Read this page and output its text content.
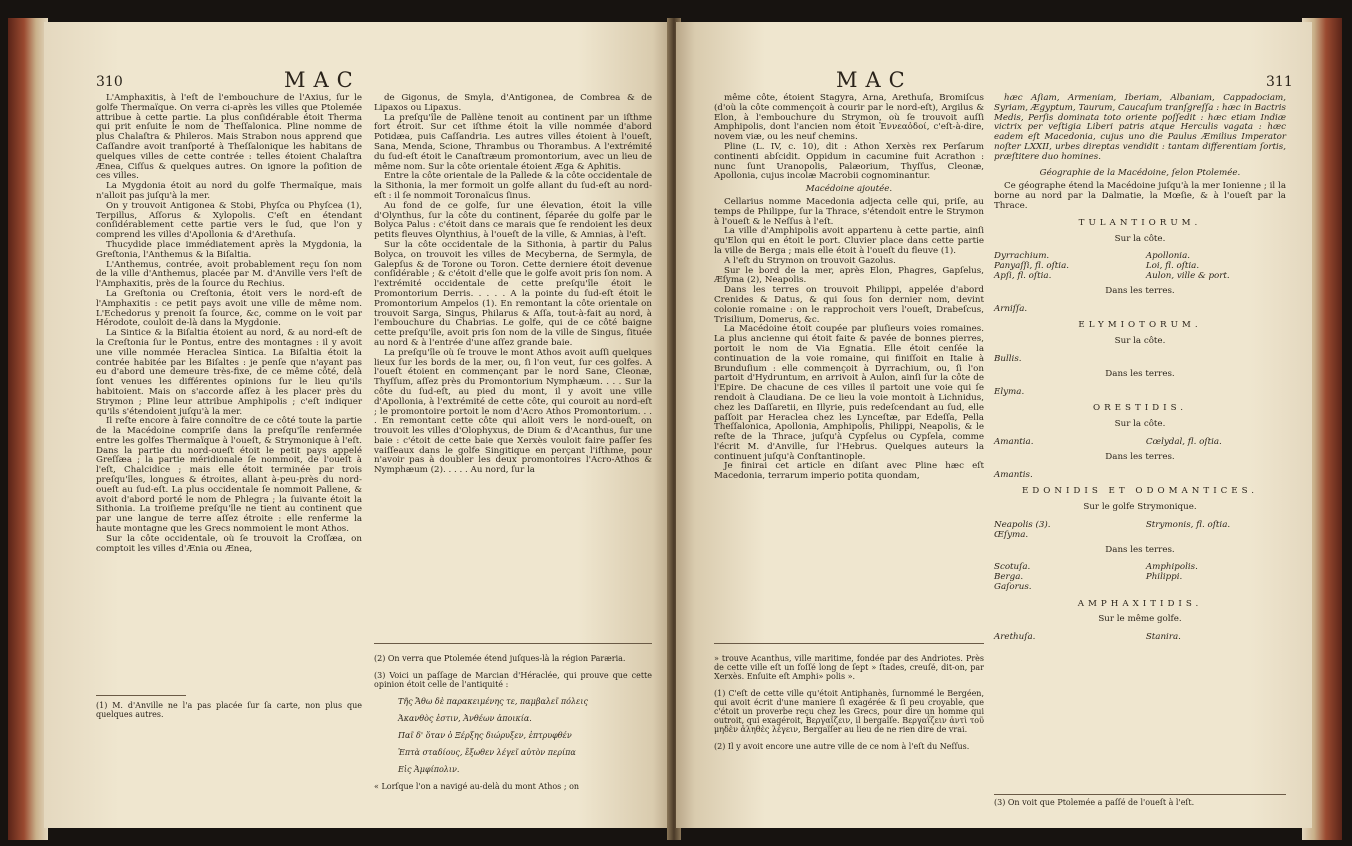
310	MAC

L'Amphaxitis, à l'eſt de l'embouchure de l'Axius, ſur le golfe Thermaïque. On verra ci-après les villes que Ptolemée attribue à cette partie. La plus conſidérable étoit Therma qui prit enſuite le nom de Theſſalonica. Pline nomme de plus Chalaſtra & Phileros. Mais Strabon nous apprend que Caſſandre avoit tranſporté à Theſſalonique les habitans de quelques villes de cette contrée : telles étoient Chalaſtra Ænea, Ciſſus & quelques autres. On ignore la poſition de ces villes.

La Mygdonia étoit au nord du golfe Thermaïque, mais n'alloit pas juſqu'à la mer.

On y trouvoit Antigonea & Stobi, Phyſca ou Phyſcea (1), Terpillus, Aſſorus & Xylopolis. C'eſt en étendant conſidérablement cette partie vers le ſud, que l'on y comprend les villes d'Apollonia & d'Arethuſa.

Thucydide place immédiatement après la Mygdonia, la Greſtonia, l'Anthemus & la Biſaltia.

L'Anthemus, contrée, avoit probablement reçu ſon nom de la ville d'Anthemus, placée par M. d'Anville vers l'eſt de l'Amphaxitis, près de la ſource du Rechius.

La Greſtonia ou Creſtonia, étoit vers le nord-eſt de l'Amphaxitis : ce petit pays avoit une ville de même nom. L'Echedorus y prenoit ſa ſource, &c, comme on le voit par Hérodote, couloit de-là dans la Mygdonie.

La Sintice & la Biſaltia étoient au nord, & au nord-eſt de la Creſtonia ſur le Pontus, entre des montagnes : il y avoit une ville nommée Heraclea Sintica. La Biſaltia étoit la contrée habitée par les Biſaltes : je penſe que n'ayant pas eu d'abord une demeure très-fixe, de ce même côté, delà ſont venues les différentes opinions ſur le lieu qu'ils habitoient. Mais on s'accorde aſſez à les placer près du Strymon ; Pline leur attribue Amphipolis ; c'eſt indiquer qu'ils s'étendoient juſqu'à la mer.

Il reſte encore à faire connoître de ce côté toute la partie de la Macédoine compriſe dans la preſqu'île renfermée entre les golfes Thermaïque à l'oueſt, & Strymonique à l'eſt. Dans la partie du nord-oueſt étoit le petit pays appelé Greſſæa ; la partie méridionale ſe nommoit, de l'oueſt à l'eſt, Chalcidice ; mais elle étoit terminée par trois preſqu'îles, longues & étroites, allant à-peu-près du nord-oueſt au ſud-eſt. La plus occidentale ſe nommoit Pallene, & avoit d'abord porté le nom de Phlegra ; la ſuivante étoit la Sithonia. La troiſieme preſqu'île ne tient au continent que par une langue de terre aſſez étroite : elle renferme la haute montagne que les Grecs nommoient le mont Athos.

Sur la côte occidentale, où ſe trouvoit la Croſſæa, on comptoit les villes d'Ænia ou Ænea,

(1) M. d'Anville ne l'a pas placée ſur ſa carte, non plus que quelques autres.

de Gigonus, de Smyla, d'Antigonea, de Combrea & de Lipaxos ou Lipaxus.

La preſqu'île de Pallène tenoit au continent par un iſthme fort étroit. Sur cet iſthme étoit la ville nommée d'abord Potidæa, puis Caſſandria. Les autres villes étoient à l'oueſt, Sana, Menda, Scione, Thrambus ou Thorambus. A l'extrémité du ſud-eſt étoit le Canaſtræum promontorium, avec un lieu de même nom. Sur la côte orientale étoient Æga & Aphitis.

Entre la côte orientale de la Pallede & la côte occidentale de la Sithonia, la mer formoit un golfe allant du ſud-eſt au nord-eſt : il ſe nommoit Toronaïcus ſinus.

Au fond de ce golfe, ſur une élevation, étoit la ville d'Olynthus, ſur la côte du continent, ſéparée du golfe par le Bolyca Palus : c'étoit dans ce marais que ſe rendoient les deux petits fleuves Olynthius, à l'oueſt de la ville, & Amnias, à l'eſt.

Sur la côte occidentale de la Sithonia, à partir du Palus Bolyca, on trouvoit les villes de Mecyberna, de Sermyla, de Galepſus & de Torone ou Toron. Cette derniere étoit devenue conſidérable ; & c'étoit d'elle que le golfe avoit pris ſon nom. A l'extrémité occidentale de cette preſqu'île étoit le Promontorium Derris. . . . . A la pointe du ſud-eſt étoit le Promontorium Ampelos (1). En remontant la côte orientale on trouvoit Sarga, Singus, Philarus & Aſſa, tout-à-fait au nord, à l'embouchure du Chabrias. Le golfe, qui de ce côté baigne cette preſqu'île, avoit pris ſon nom de la ville de Singus, ſituée au nord & à l'entrée d'une aſſez grande baie.

La preſqu'île où ſe trouve le mont Athos avoit auſſi quelques lieux ſur les bords de la mer, ou, ſi l'on veut, ſur ces golfes. A l'oueſt étoient en commençant par le nord Sane, Cleonæ, Thyſſum, aſſez près du Promontorium Nymphæum. . . . Sur la côte du ſud-eſt, au pied du mont, il y avoit une ville d'Apollonia, à l'extrémité de cette côte, qui couroit au nord-eſt ; le promontoire portoit le nom d'Acro Athos Promontorium. . . . En remontant cette côte qui alloit vers le nord-oueſt, on trouvoit les villes d'Olophyxus, de Dium & d'Acanthus, ſur une baie : c'étoit de cette baie que Xerxès vouloit faire paſſer ſes vaiſſeaux dans le golfe Singitique en perçant l'iſthme, pour n'avoir pas à doubler les deux promontoires l'Acro-Athos & Nymphæum (2). . . . . Au nord, ſur la

(2) On verra que Ptolemée étend juſques-là la région Paræria.

(3) Voici un paſſage de Marcian d'Héraclée, qui prouve que cette opinion étoit celle de l'antiquité :

Τῆς Ἄθω δὲ παρακειμένης τε, παμβαλεῖ πόλεις

Ἀκανθὸς ἐστιν, Ἀνθέων ἀποικία.

Παῖ δ' ὅταν ὁ Ξέρξης διώρυξεν, ἐπτρυφθέν

Ἐπτὰ σταδίους, ἔξωθεν λέγεῖ αὐτὸν περίπα

Εἰς Ἀμφίπολιν.

« Lorſque l'on a navigé au-delà du mont Athos ; on

MAC	311

même côte, étoient Stagyra, Arna, Arethuſa, Bromiſcus (d'où la côte commençoit à courir par le nord-eſt), Argilus & Elon, à l'embouchure du Strymon, où ſe trouvoit auſſi Amphipolis, dont l'ancien nom étoit Ἐννεαὁδοί, c'eſt-à-dire, novem viæ, ou les neuf chemins.

Pline (L. IV, c. 10), dit : Athon Xerxès rex Perſarum continenti abſcidit. Oppidum in cacumine fuit Acrathon : nunc ſunt Uranopolis, Palæorium, Thyſſus, Cleonæ, Apollonia, cujus incolæ Macrobii cognominantur.

Macédoine ajoutée.

Cellarius nomme Macedonia adjecta celle qui, priſe, au temps de Philippe, ſur la Thrace, s'étendoit entre le Strymon à l'oueſt & le Neſſus à l'eſt.

La ville d'Amphipolis avoit appartenu à cette partie, ainſi qu'Elon qui en étoit le port. Cluvier place dans cette partie la ville de Berga ; mais elle étoit à l'oueſt du fleuve (1).

A l'eſt du Strymon on trouvoit Gazolus.

Sur le bord de la mer, après Elon, Phagres, Gapſelus, Æſyma (2), Neapolis.

Dans les terres on trouvoit Philippi, appelée d'abord Crenides & Datus, & qui ſous ſon dernier nom, devint colonie romaine : on le rapprochoit vers l'oueſt, Drabeſcus, Trisilium, Domerus, &c.

La Macédoine étoit coupée par pluſieurs voies romaines. La plus ancienne qui étoit faite & pavée de bonnes pierres, portoit le nom de Via Egnatia. Elle étoit cenſée la continuation de la voie romaine, qui finiſſoit en Italie à Brunduſium : elle commençoit à Dyrrachium, ou, ſi l'on partoit d'Hydruntum, en arrivoit à Aulon, ainſi ſur la côte de l'Epire. De chacune de ces villes il partoit une voie qui ſe rendoit à Claudiana. De ce lieu la voie montoit à Lichnidus, chez les Daſſaretii, en Illyrie, puis redeſcendant au ſud, elle paſſoit par Heraclea chez les Lynceſtæ, par Edeſſa, Pella Theſſalonica, Apollonia, Amphipolis, Philippi, Neapolis, & le reſte de la Thrace, juſqu'à Cypſelus ou Cypſela, comme l'écrit M. d'Anville, ſur l'Hebrus. Quelques auteurs la continuent juſqu'à Conſtantinople.

Je finirai cet article en diſant avec Pline hæc eſt Macedonia, terrarum imperio potita quondam,

» trouve Acanthus, ville maritime, fondée par des Andriotes. Près de cette ville eſt un foſſé long de ſept » ſtades, creuſé, dit-on, par Xerxès. Enſuite eſt Amphi» polis ».

(1) C'eſt de cette ville qu'étoit Antiphanès, ſurnommé le Bergéen, qui avoit écrit d'une maniere ſi exagérée & ſi peu croyable, que c'étoit un proverbe reçu chez les Grecs, pour dire un homme qui outroit, qui exagéroit, Βεργαΐζειν, il bergaïſe. Βεργαΐζειν ἀντὶ τοῦ μηδὲν ἀληθὲς λέγειν, Bergaïſer au lieu de ne rien dire de vrai.

(2) Il y avoit encore une autre ville de ce nom à l'eſt du Neſſus.

hæc Aſiam, Armeniam, Iberiam, Albaniam, Cappadociam, Syriam, Ægyptum, Taurum, Caucaſum tranſgreſſa : hæc in Bactris Medis, Perſis dominata toto oriente poſſedit : hæc etiam Indiæ victrix per veſtigia Liberi patris atque Herculis vagata : hæc eadem eſt Macedonia, cujus uno die Paulus Æmilius Imperator noſter LXXII, urbes direptas vendidit : tantam differentiam ſortis, præſtitere duo homines.

Géographie de la Macédoine, ſelon Ptolemée.

Ce géographe étend la Macédoine juſqu'à la mer Ionienne ; il la borne au nord par la Dalmatie, la Mœſie, & à l'oueſt par la Thrace.

TULANTIORUM.
Sur la côte.
Dyrrachium.	Apollonia.
Panyaſſi, fl. oſtia.	Loi, fl. oſtia.
Apſi, fl. oſtia.	Aulon, ville & port.
Dans les terres.
Arniſſa.
ELYMIOTORUM.
Sur la côte.
Bullis.
Dans les terres.
Elyma.
ORESTIDIS.
Sur la côte.
Amantia.	Cœlydal, fl. oſtia.
Dans les terres.
Amantis.
EDONIDIS ET ODOMANTICES.
Sur le golfe Strymonique.
Neapolis (3).	Strymonis, fl. oſtia.
Œſyma.
Dans les terres.
Scotuſa.	Amphipolis.
Berga.	Philippi.
Gaſorus.
AMPHAXITIDIS.
Sur le même golfe.
Arethuſa.	Stanira.
(3) On voit que Ptolemée a paſſé de l'oueſt à l'eſt.
